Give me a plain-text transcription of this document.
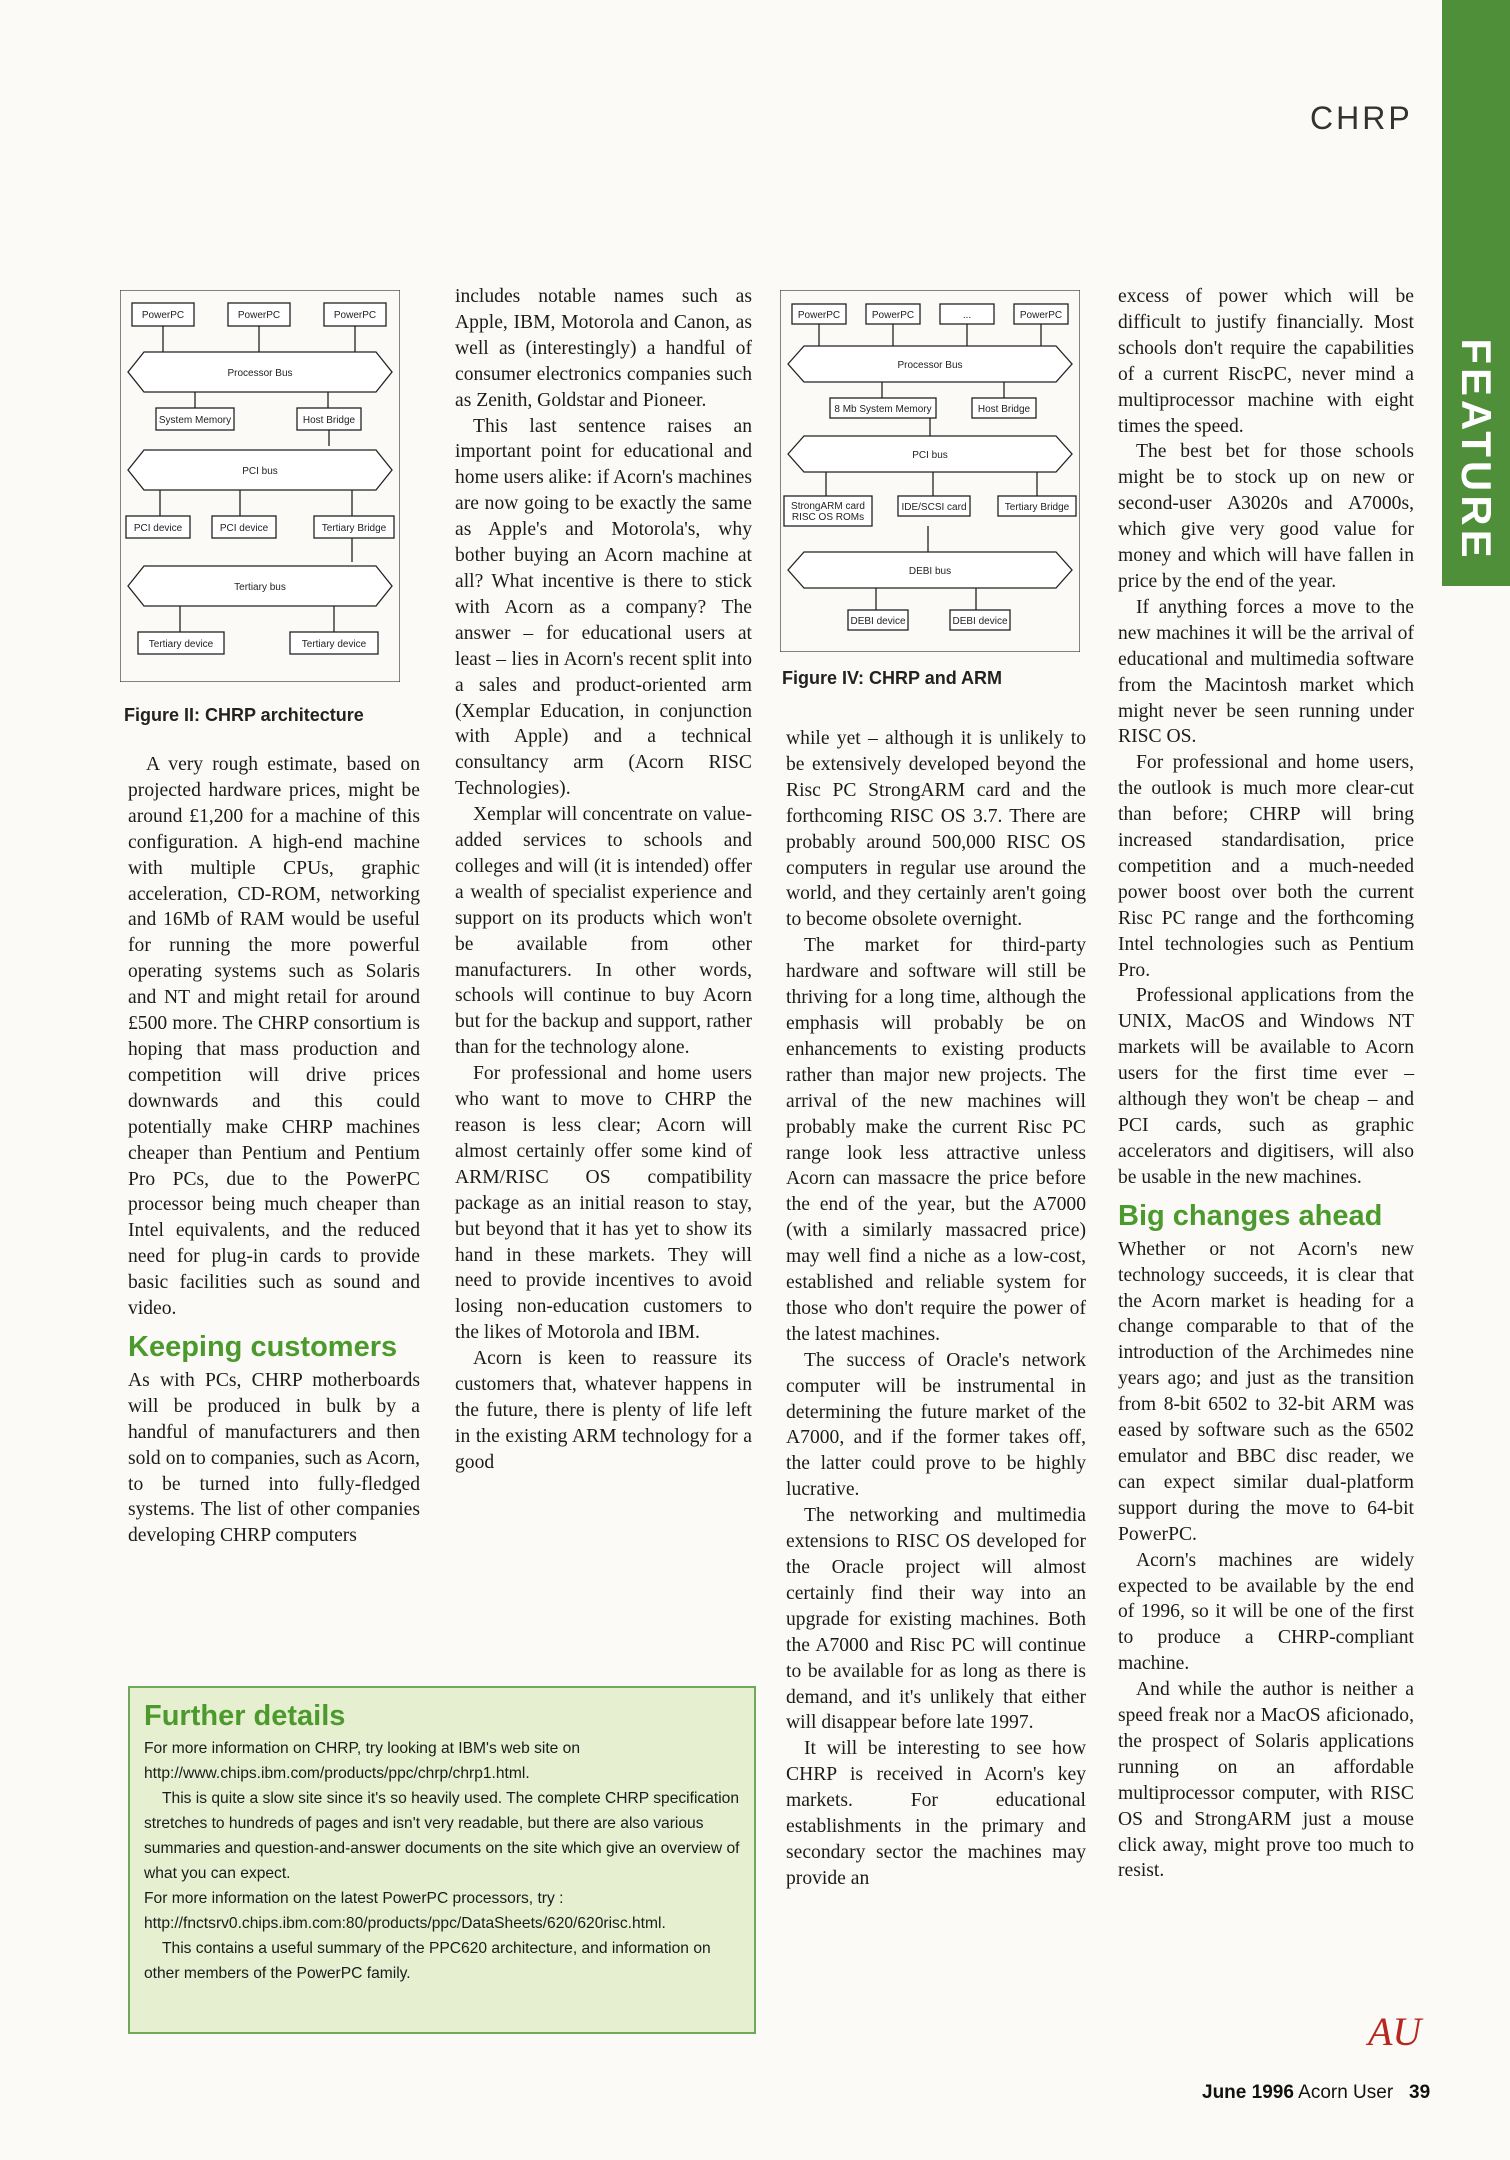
CHRP
FEATURE
PowerPC	PowerPC	PowerPC
Processor Bus
System Memory	Host Bridge
PCI bus
PCI device	PCI device	Tertiary Bridge
Tertiary bus
Tertiary device	Tertiary device
Figure II: CHRP architecture
PowerPC	PowerPC	...	PowerPC
Processor Bus
8 Mb System Memory	Host Bridge
PCI bus
StrongARM card
RISC OS ROMs
IDE/SCSI card	Tertiary Bridge
DEBI bus
DEBI device	DEBI device
Figure IV: CHRP and ARM

A very rough estimate, based on projected hardware prices, might be around £1,200 for a machine of this configuration. A high-end machine with multiple CPUs, graphic acceleration, CD-ROM, networking and 16Mb of RAM would be useful for running the more powerful operating systems such as Solaris and NT and might retail for around £500 more. The CHRP consortium is hoping that mass production and competition will drive prices downwards and this could potentially make CHRP machines cheaper than Pentium and Pentium Pro PCs, due to the PowerPC processor being much cheaper than Intel equivalents, and the reduced need for plug-in cards to provide basic facilities such as sound and video.

Keeping customers

As with PCs, CHRP motherboards will be produced in bulk by a handful of manufacturers and then sold on to companies, such as Acorn, to be turned into fully-fledged systems. The list of other companies developing CHRP computers

includes notable names such as Apple, IBM, Motorola and Canon, as well as (interestingly) a handful of consumer electronics companies such as Zenith, Goldstar and Pioneer.

This last sentence raises an important point for educational and home users alike: if Acorn's machines are now going to be exactly the same as Apple's and Motorola's, why bother buying an Acorn machine at all? What incentive is there to stick with Acorn as a company? The answer – for educational users at least – lies in Acorn's recent split into a sales and product-oriented arm (Xemplar Education, in conjunction with Apple) and a technical consultancy arm (Acorn RISC Technologies).

Xemplar will concentrate on value-added services to schools and colleges and will (it is intended) offer a wealth of specialist experience and support on its products which won't be available from other manufacturers. In other words, schools will continue to buy Acorn but for the backup and support, rather than for the technology alone.

For professional and home users who want to move to CHRP the reason is less clear; Acorn will almost certainly offer some kind of ARM/RISC OS compatibility package as an initial reason to stay, but beyond that it has yet to show its hand in these markets. They will need to provide incentives to avoid losing non-education customers to the likes of Motorola and IBM.

Acorn is keen to reassure its customers that, whatever happens in the future, there is plenty of life left in the existing ARM technology for a good

while yet – although it is unlikely to be extensively developed beyond the Risc PC StrongARM card and the forthcoming RISC OS 3.7. There are probably around 500,000 RISC OS computers in regular use around the world, and they certainly aren't going to become obsolete overnight.

The market for third-party hardware and software will still be thriving for a long time, although the emphasis will probably be on enhancements to existing products rather than major new projects. The arrival of the new machines will probably make the current Risc PC range look less attractive unless Acorn can massacre the price before the end of the year, but the A7000 (with a similarly massacred price) may well find a niche as a low-cost, established and reliable system for those who don't require the power of the latest machines.

The success of Oracle's network computer will be instrumental in determining the future market of the A7000, and if the former takes off, the latter could prove to be highly lucrative.

The networking and multimedia extensions to RISC OS developed for the Oracle project will almost certainly find their way into an upgrade for existing machines. Both the A7000 and Risc PC will continue to be available for as long as there is demand, and it's unlikely that either will disappear before late 1997.

It will be interesting to see how CHRP is received in Acorn's key markets. For educational establishments in the primary and secondary sector the machines may provide an

excess of power which will be difficult to justify financially. Most schools don't require the capabilities of a current RiscPC, never mind a multiprocessor machine with eight times the speed.

The best bet for those schools might be to stock up on new or second-user A3020s and A7000s, which give very good value for money and which will have fallen in price by the end of the year.

If anything forces a move to the new machines it will be the arrival of educational and multimedia software from the Macintosh market which might never be seen running under RISC OS.

For professional and home users, the outlook is much more clear-cut than before; CHRP will bring increased standardisation, price competition and a much-needed power boost over both the current Risc PC range and the forthcoming Intel technologies such as Pentium Pro.

Professional applications from the UNIX, MacOS and Windows NT markets will be available to Acorn users for the first time ever – although they won't be cheap – and PCI cards, such as graphic accelerators and digitisers, will also be usable in the new machines.

Big changes ahead

Whether or not Acorn's new technology succeeds, it is clear that the Acorn market is heading for a change comparable to that of the introduction of the Archimedes nine years ago; and just as the transition from 8-bit 6502 to 32-bit ARM was eased by software such as the 6502 emulator and BBC disc reader, we can expect similar dual-platform support during the move to 64-bit PowerPC.

Acorn's machines are widely expected to be available by the end of 1996, so it will be one of the first to produce a CHRP-compliant machine.

And while the author is neither a speed freak nor a MacOS aficionado, the prospect of Solaris applications running on an affordable multiprocessor computer, with RISC OS and StrongARM just a mouse click away, might prove too much to resist.

Further details

For more information on CHRP, try looking at IBM's web site on http://www.chips.ibm.com/products/ppc/chrp/chrp1.html.

This is quite a slow site since it's so heavily used. The complete CHRP specification stretches to hundreds of pages and isn't very readable, but there are also various summaries and question-and-answer documents on the site which give an overview of what you can expect.

For more information on the latest PowerPC processors, try : http://fnctsrv0.chips.ibm.com:80/products/ppc/DataSheets/620/620risc.html.

This contains a useful summary of the PPC620 architecture, and information on other members of the PowerPC family.

AU
June 1996 Acorn User 39
